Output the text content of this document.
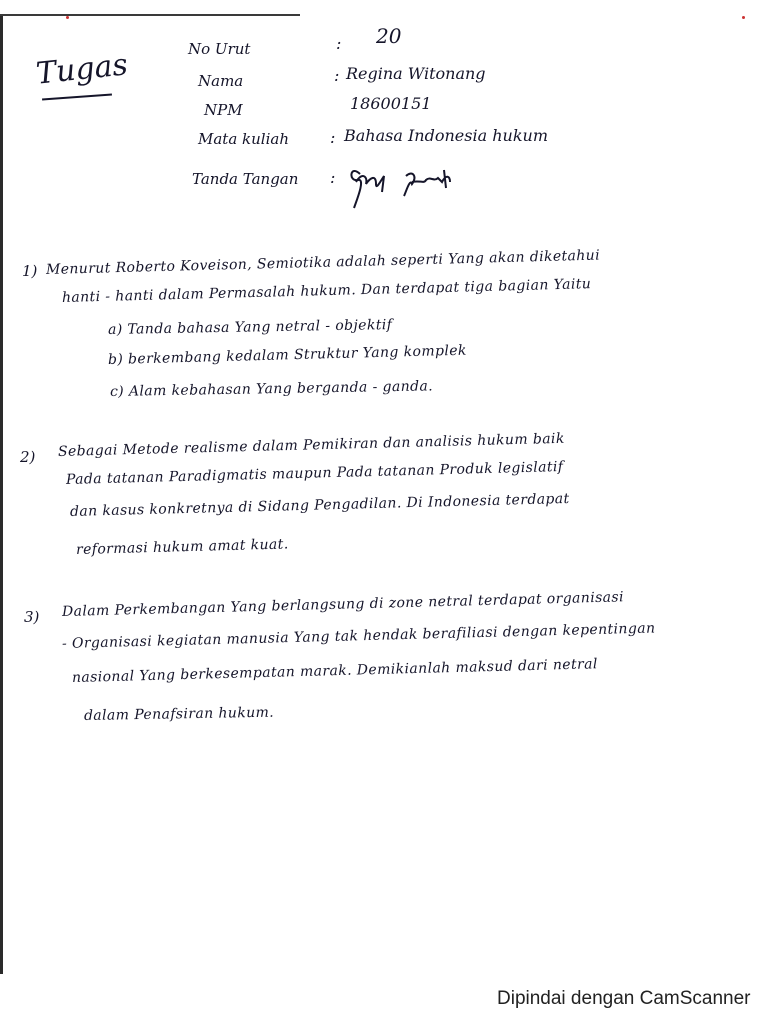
Tugas	No Urut	: 20
Nama	: Regina Witonang
NPM	18600151
Mata kuliah	: Bahasa Indonesia hukum
Tanda Tangan :
1) Menurut Roberto Koveison, Semiotika adalah seperti Yang akan diketahui
hanti - hanti dalam Permasalah hukum. Dan terdapat tiga bagian Yaitu
a) Tanda bahasa Yang netral - objektif
b) berkembang kedalam Struktur Yang komplek
c) Alam kebahasan Yang berganda - ganda.
2) Sebagai Metode realisme dalam Pemikiran dan analisis hukum baik
Pada tatanan Paradigmatis maupun Pada tatanan Produk legislatif
dan kasus konkretnya di Sidang Pengadilan. Di Indonesia terdapat
reformasi hukum amat kuat.
3) Dalam Perkembangan Yang berlangsung di zone netral terdapat organisasi
- Organisasi kegiatan manusia Yang tak hendak berafiliasi dengan kepentingan
nasional Yang berkesempatan marak. Demikianlah maksud dari netral
dalam Penafsiran hukum.
Dipindai dengan CamScanner
